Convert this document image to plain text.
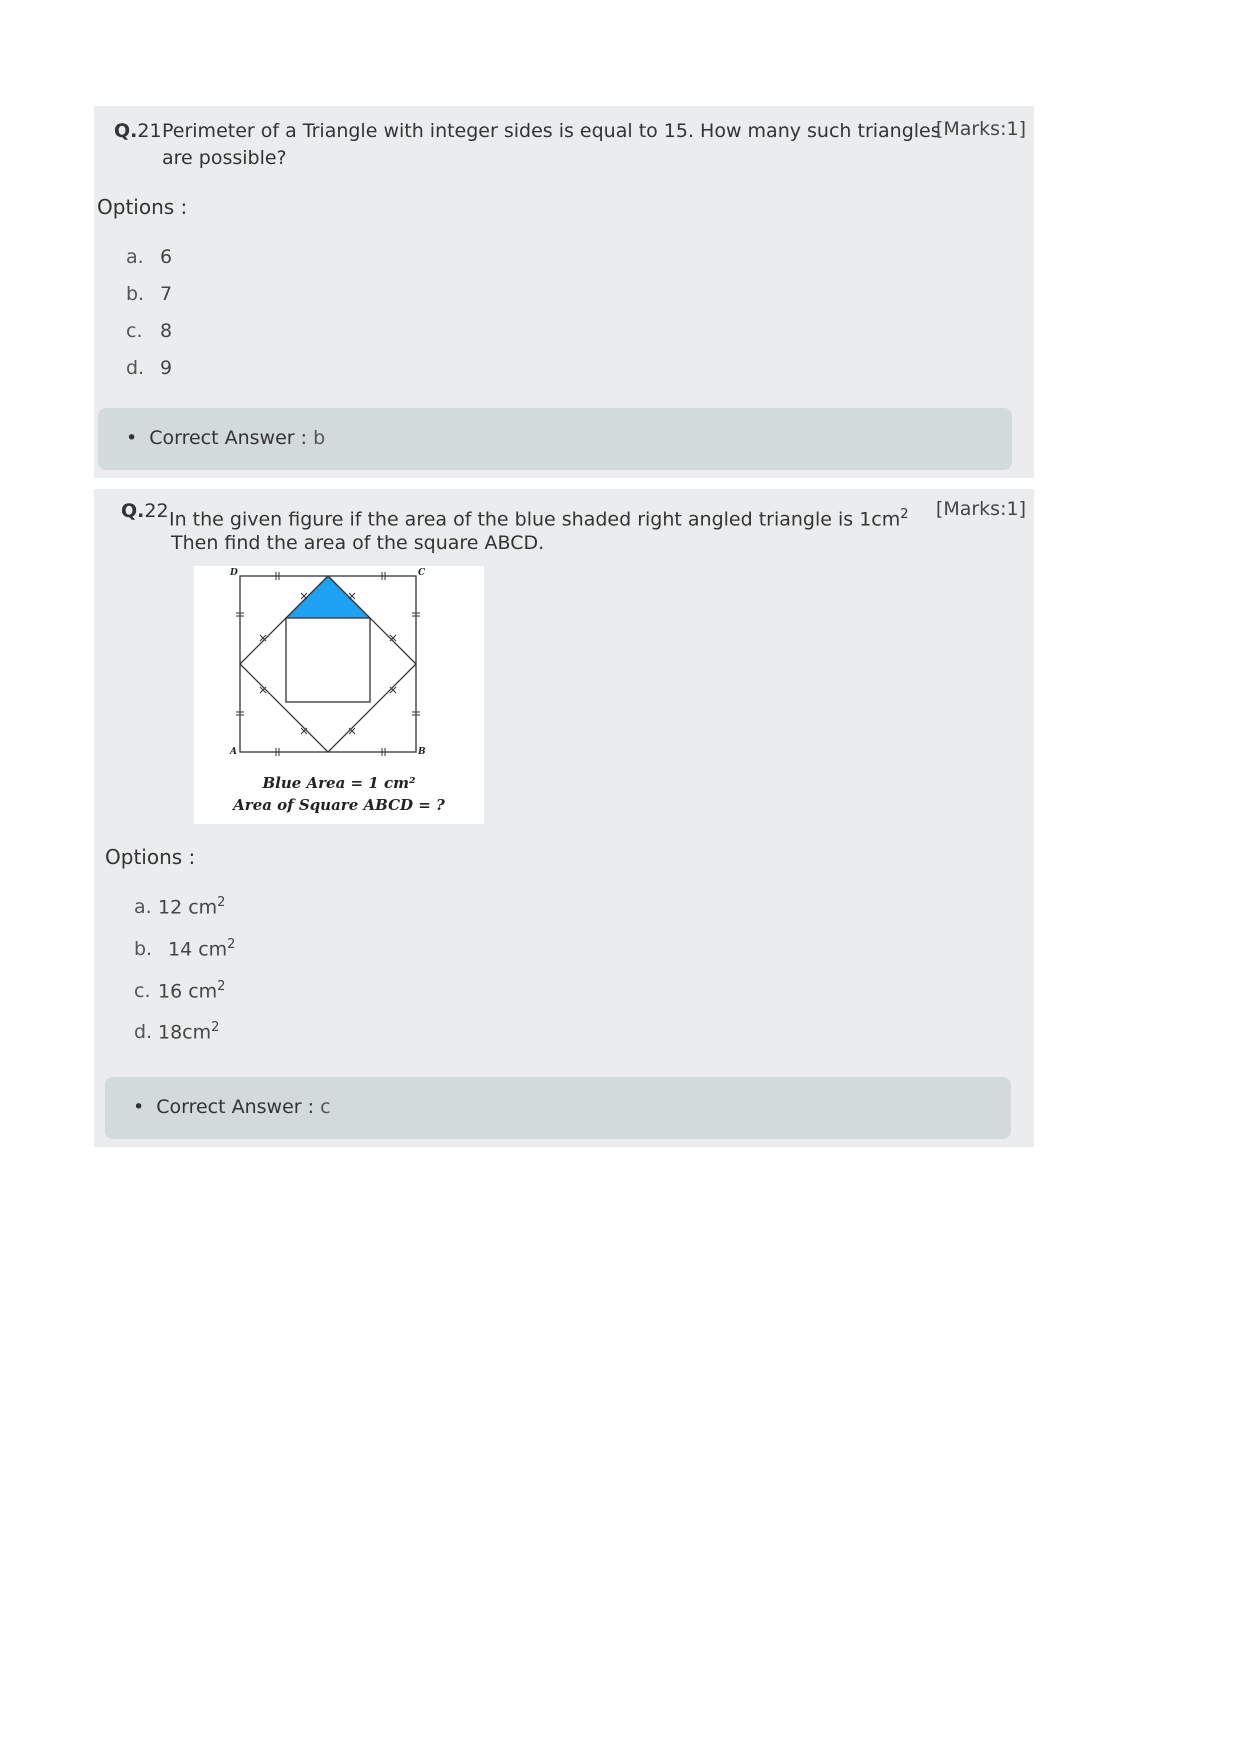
Q.21 Perimeter of a Triangle with integer sides is equal to 15. How many such triangles
are possible?
[Marks:1]
Options :
a. 6
b. 7
c. 8
d. 9
• Correct Answer : b
Q.22 In the given figure if the area of the blue shaded right angled triangle is $1cm^2$
Then find the area of the square ABCD.
[Marks:1]
D	C
A	B
Blue Area = 1 cm²
Area of Square ABCD = ?
Options :
a. 12 $cm^2$
b. 14 $cm^2$
c. 16 $cm^2$
d. $18cm^2$
• Correct Answer : c
